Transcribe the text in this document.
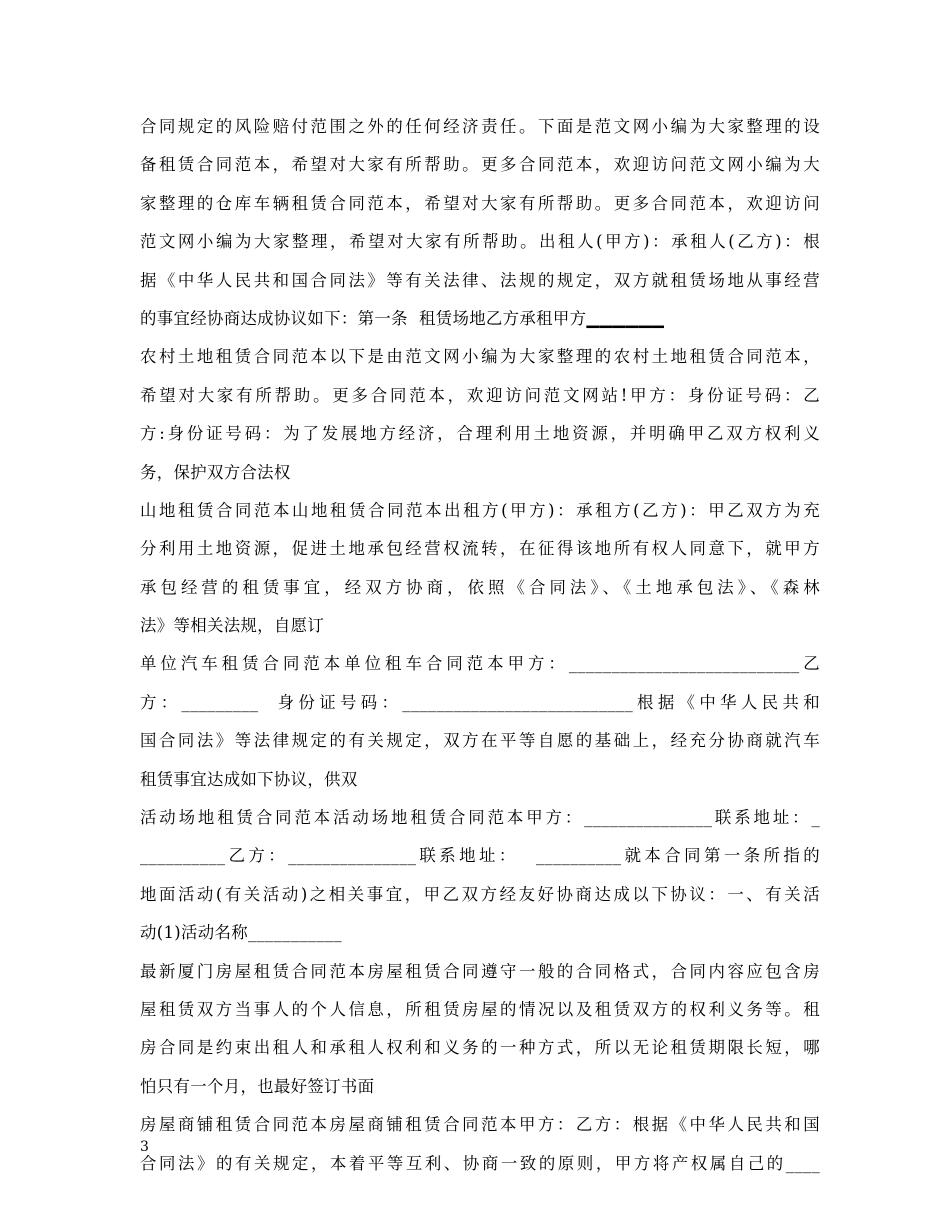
合同规定的风险赔付范围之外的任何经济责任。下面是范文网小编为大家整理的设
备租赁合同范本，希望对大家有所帮助。更多合同范本，欢迎访问范文网小编为大
家整理的仓库车辆租赁合同范本，希望对大家有所帮助。更多合同范本，欢迎访问
范文网小编为大家整理，希望对大家有所帮助。出租人(甲方)：承租人(乙方)：根
据《中华人民共和国合同法》等有关法律、法规的规定，双方就租赁场地从事经营
的事宜经协商达成协议如下：第一条  租赁场地乙方承租甲方▁▁▁▁▁▁
农村土地租赁合同范本以下是由范文网小编为大家整理的农村土地租赁合同范本，
希望对大家有所帮助。更多合同范本，欢迎访问范文网站!甲方：身份证号码：乙
方:身份证号码：为了发展地方经济，合理利用土地资源，并明确甲乙双方权利义
务，保护双方合法权
山地租赁合同范本山地租赁合同范本出租方(甲方)：承租方(乙方)：甲乙双方为充
分利用土地资源，促进土地承包经营权流转，在征得该地所有权人同意下，就甲方
承包经营的租赁事宜，经双方协商，依照《合同法》、《土地承包法》、《森林
法》等相关法规，自愿订
单位汽车租赁合同范本单位租车合同范本甲方：___________________________乙
方：_________  身份证号码：___________________________根据《中华人民共和
国合同法》等法律规定的有关规定，双方在平等自愿的基础上，经充分协商就汽车
租赁事宜达成如下协议，供双
活动场地租赁合同范本活动场地租赁合同范本甲方：_______________联系地址：_
__________乙方：_______________联系地址：  __________就本合同第一条所指的
地面活动(有关活动)之相关事宜，甲乙双方经友好协商达成以下协议：一、有关活
动(1)活动名称___________
最新厦门房屋租赁合同范本房屋租赁合同遵守一般的合同格式，合同内容应包含房
屋租赁双方当事人的个人信息，所租赁房屋的情况以及租赁双方的权利义务等。租
房合同是约束出租人和承租人权利和义务的一种方式，所以无论租赁期限长短，哪
怕只有一个月，也最好签订书面
房屋商铺租赁合同范本房屋商铺租赁合同范本甲方：乙方：根据《中华人民共和国
合同法》的有关规定，本着平等互利、协商一致的原则，甲方将产权属自己的____
3
